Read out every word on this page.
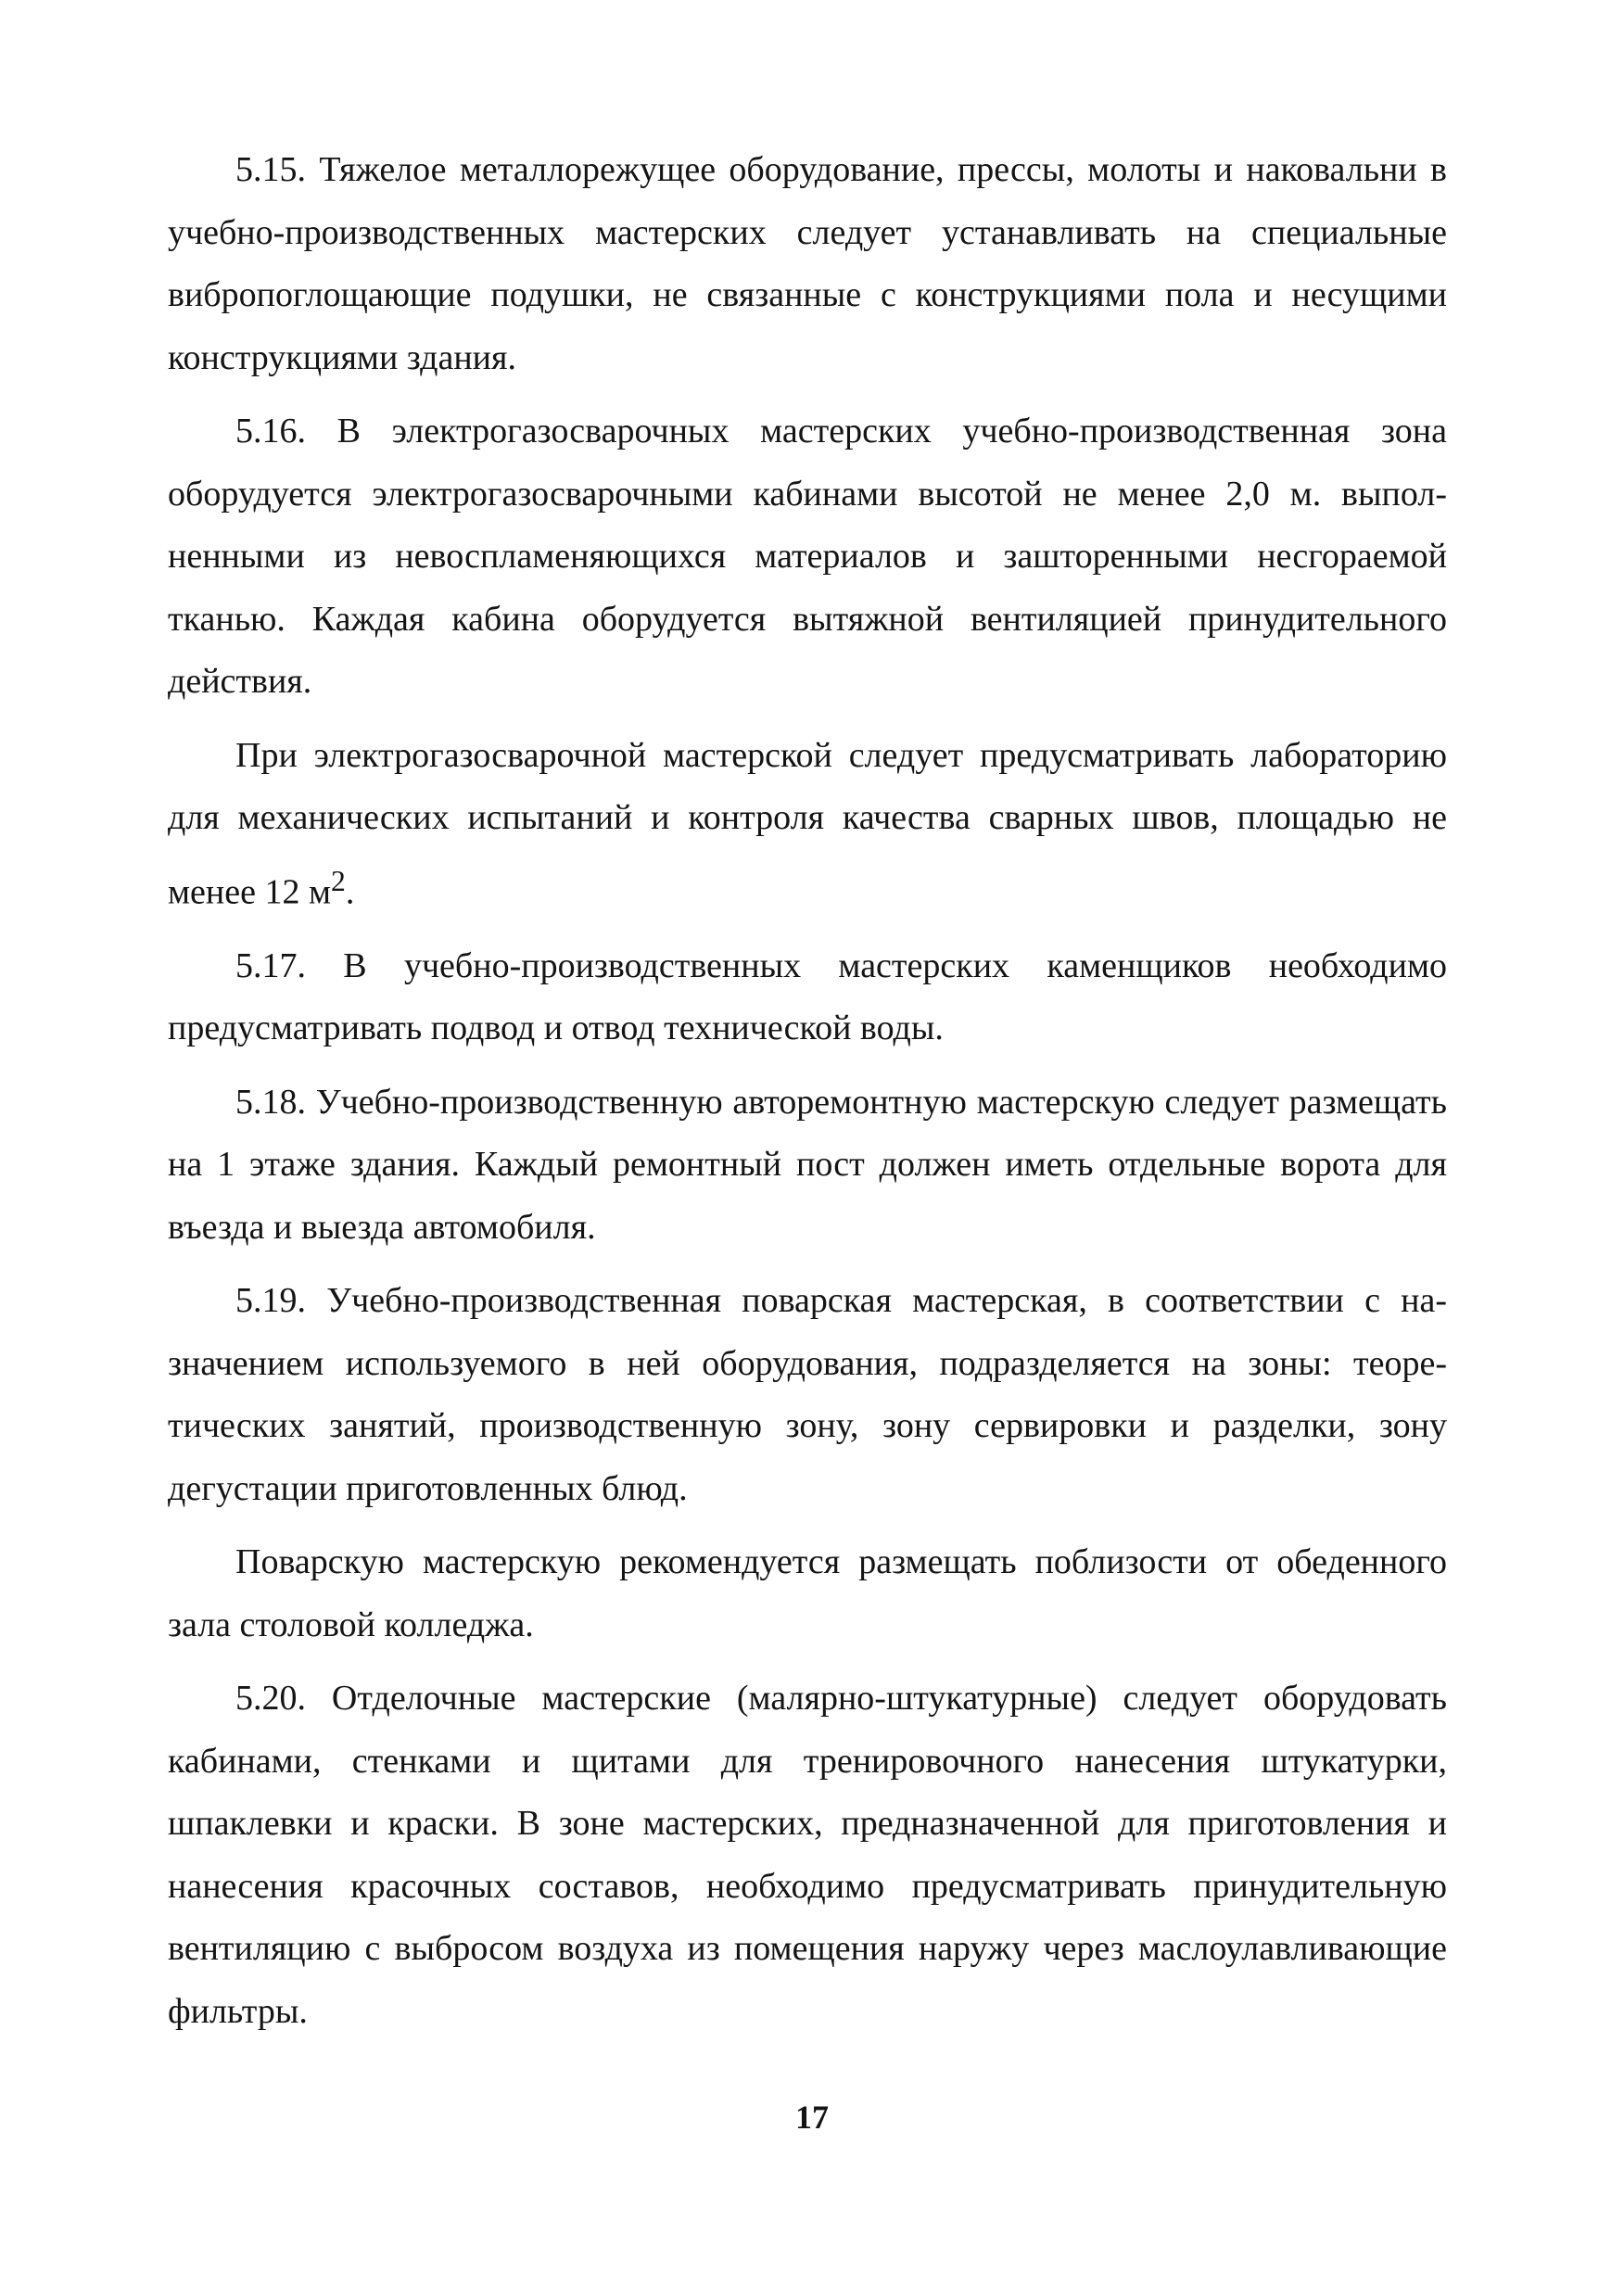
5.15. Тяжелое металлорежущее оборудование, прессы, молоты и наковальни в учебно-производственных мастерских следует устанавливать на специальные вибропоглощающие подушки, не связанные с конструкциями пола и несущими конструкциями здания.

5.16. В электрогазосварочных мастерских учебно-производственная зона оборудуется электрогазосварочными кабинами высотой не менее 2,0 м. выполненными из невоспламеняющихся материалов и зашторенными несгораемой тканью. Каждая кабина оборудуется вытяжной вентиляцией принудительного действия.

При электрогазосварочной мастерской следует предусматривать лабораторию для механических испытаний и контроля качества сварных швов, площадью не менее 12 $м^2$.

5.17. В учебно-производственных мастерских каменщиков необходимо предусматривать подвод и отвод технической воды.

5.18. Учебно-производственную авторемонтную мастерскую следует размещать на 1 этаже здания. Каждый ремонтный пост должен иметь отдельные ворота для въезда и выезда автомобиля.

5.19. Учебно-производственная поварская мастерская, в соответствии с назначением используемого в ней оборудования, подразделяется на зоны: теоретических занятий, производственную зону, зону сервировки и разделки, зону дегустации приготовленных блюд.

Поварскую мастерскую рекомендуется размещать поблизости от обеденного зала столовой колледжа.

5.20. Отделочные мастерские (малярно-штукатурные) следует оборудовать кабинами, стенками и щитами для тренировочного нанесения штукатурки, шпаклевки и краски. В зоне мастерских, предназначенной для приготовления и нанесения красочных составов, необходимо предусматривать принудительную вентиляцию с выбросом воздуха из помещения наружу через маслоулавливающие фильтры.

17
